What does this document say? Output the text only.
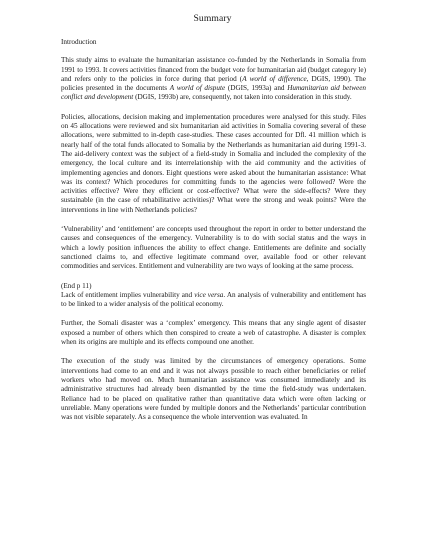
Summary

Introduction

This study aims to evaluate the humanitarian assistance co-funded by the Netherlands in Somalia from 1991 to 1993. It covers activities financed from the budget vote for humanitarian aid (budget category le) and refers only to the policies in force during that period (A world of difference, DGIS, 1990). The policies presented in the documents A world of dispute (DGIS, 1993a) and Humanitarian aid between conflict and development (DGIS, 1993b) are, consequently, not taken into consideration in this study.

Policies, allocations, decision making and implementation procedures were analysed for this study. Files on 45 allocations were reviewed and six humanitarian aid activities in Somalia covering several of these allocations, were submitted to in-depth case-studies. These cases accounted for Dfl. 41 million which is nearly half of the total funds allocated to Somalia by the Netherlands as humanitarian aid during 1991-3. The aid-delivery context was the subject of a field-study in Somalia and included the complexity of the emergency, the local culture and its interrelationship with the aid community and the activities of implementing agencies and donors. Eight questions were asked about the humanitarian assistance: What was its context? Which procedures for committing funds to the agencies were followed? Were the activities effective? Were they efficient or cost-effective? What were the side-effects? Were they sustainable (in the case of rehabilitative activities)? What were the strong and weak points? Were the interventions in line with Netherlands policies?

‘Vulnerability’ and ‘entitlement’ are concepts used throughout the report in order to better understand the causes and consequences of the emergency. Vulnerability is to do with social status and the ways in which a lowly position influences the ability to effect change. Entitlements are definite and socially sanctioned claims to, and effective legitimate command over, available food or other relevant commodities and services. Entitlement and vulnerability are two ways of looking at the same process.

(End p 11)

Lack of entitlement implies vulnerability and vice versa. An analysis of vulnerability and entitlement has to be linked to a wider analysis of the political economy.

Further, the Somali disaster was a ‘complex’ emergency. This means that any single agent of disaster exposed a number of others which then conspired to create a web of catastrophe. A disaster is complex when its origins are multiple and its effects compound one another.

The execution of the study was limited by the circumstances of emergency operations. Some interventions had come to an end and it was not always possible to reach either beneficiaries or relief workers who had moved on. Much humanitarian assistance was consumed immediately and its administrative structures had already been dismantled by the time the field-study was undertaken. Reliance had to be placed on qualitative rather than quantitative data which were often lacking or unreliable. Many operations were funded by multiple donors and the Netherlands’ particular contribution was not visible separately. As a consequence the whole intervention was evaluated. In
